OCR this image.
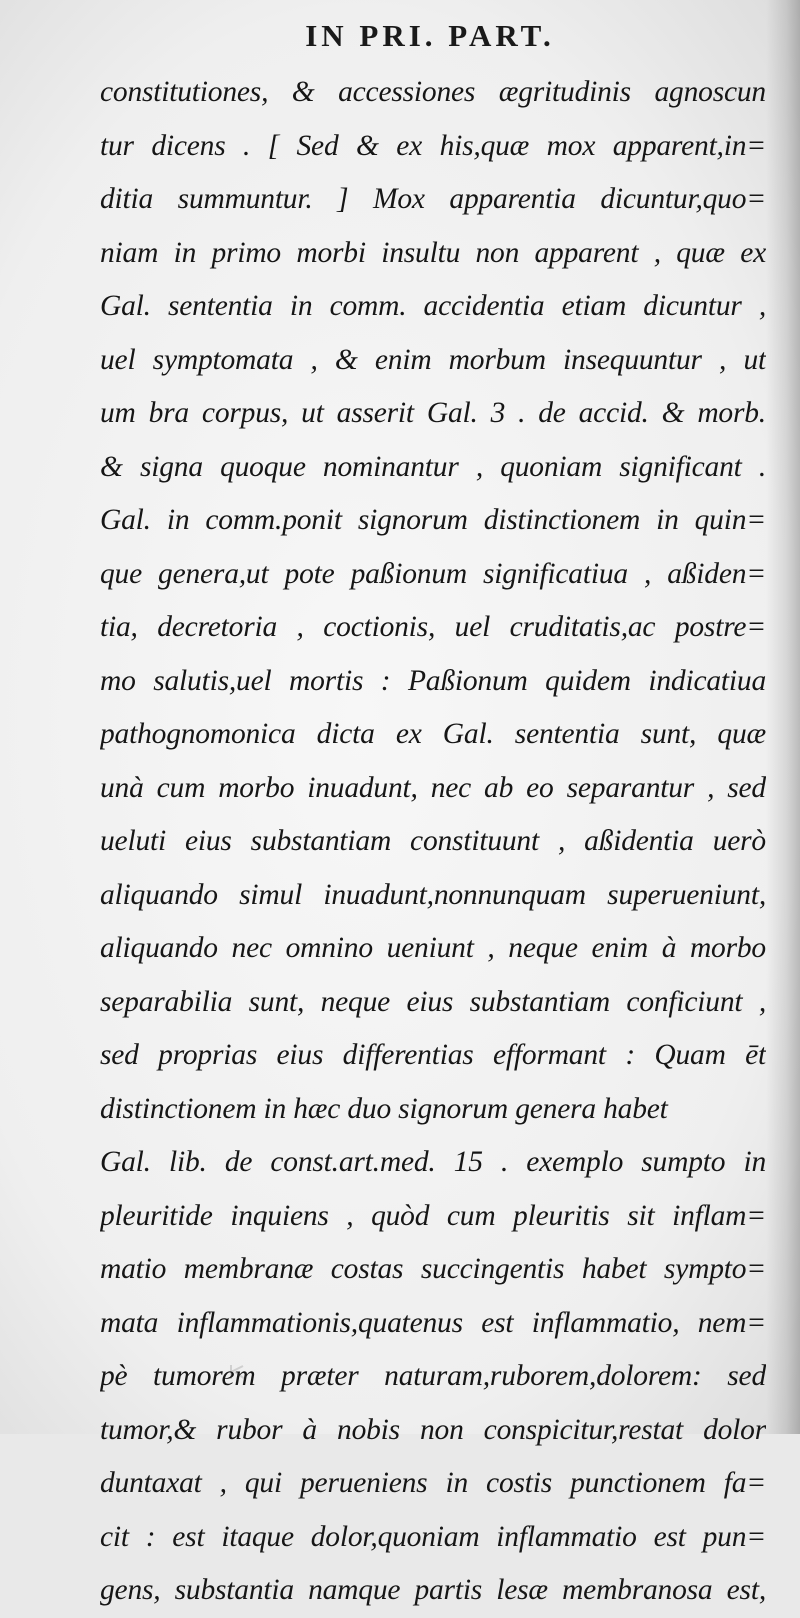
IN PRI. PART.
constitutiones, & accessiones ægritudinis agnoscun
tur dicens . [ Sed & ex his,quæ mox apparent,in=
ditia summuntur. ] Mox apparentia dicuntur,quo=
niam in primo morbi insultu non apparent , quæ ex
Gal. sententia in comm. accidentia etiam dicuntur ,
uel symptomata , & enim morbum insequuntur , ut
um bra corpus, ut asserit Gal. 3 . de accid. & morb.
& signa quoque nominantur , quoniam significant .
Gal. in comm.ponit signorum distinctionem in quin=
que genera,ut pote paßionum significatiua , aßiden=
tia, decretoria , coctionis, uel cruditatis,ac postre=
mo salutis,uel mortis : Paßionum quidem indicatiua
pathognomonica dicta ex Gal. sententia sunt, quæ
unà cum morbo inuadunt, nec ab eo separantur , sed
ueluti eius substantiam constituunt , aßidentia uerò
aliquando simul inuadunt,nonnunquam superueniunt,
aliquando nec omnino ueniunt , neque enim à morbo
separabilia sunt, neque eius substantiam conficiunt ,
sed proprias eius differentias efformant : Quam ēt
distinctionem in hæc duo signorum genera habet
Gal. lib. de const.art.med. 15 . exemplo sumpto in
pleuritide inquiens , quòd cum pleuritis sit inflam=
matio membranæ costas succingentis habet sympto=
mata inflammationis,quatenus est inflammatio, nem=
pè tumorem præter naturam,ruborem,dolorem: sed
tumor,& rubor à nobis non conspicitur,restat dolor
duntaxat , qui perueniens in costis punctionem fa=
cit : est itaque dolor,quoniam inflammatio est pun=
gens, substantia namque partis lesæ membranosa est,
